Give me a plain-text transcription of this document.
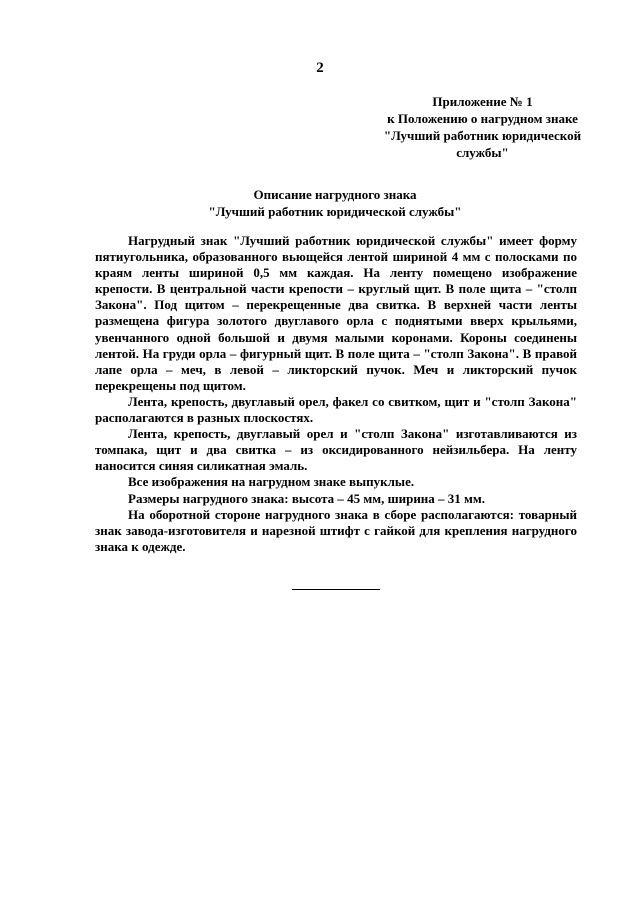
2
Приложение № 1
к Положению о нагрудном знаке
"Лучший работник юридической
службы"
Описание нагрудного знака
"Лучший работник юридической службы"

Нагрудный знак "Лучший работник юридической службы" имеет форму пятиугольника, образованного вьющейся лентой шириной 4 мм с полосками по краям ленты шириной 0,5 мм каждая. На ленту помещено изображение крепости. В центральной части крепости – круглый щит. В поле щита – "столп Закона". Под щитом – перекрещенные два свитка. В верхней части ленты размещена фигура золотого двуглавого орла с поднятыми вверх крыльями, увенчанного одной большой и двумя малыми коронами. Короны соединены лентой. На груди орла – фигурный щит. В поле щита – "столп Закона". В правой лапе орла – меч, в левой – ликторский пучок. Меч и ликторский пучок перекрещены под щитом.

Лента, крепость, двуглавый орел, факел со свитком, щит и "столп Закона" располагаются в разных плоскостях.

Лента, крепость, двуглавый орел и "столп Закона" изготавливаются из томпака, щит и два свитка – из оксидированного нейзильбера. На ленту наносится синяя силикатная эмаль.

Все изображения на нагрудном знаке выпуклые.

Размеры нагрудного знака: высота – 45 мм, ширина – 31 мм.

На оборотной стороне нагрудного знака в сборе располагаются: товарный знак завода-изготовителя и нарезной штифт с гайкой для крепления нагрудного знака к одежде.
